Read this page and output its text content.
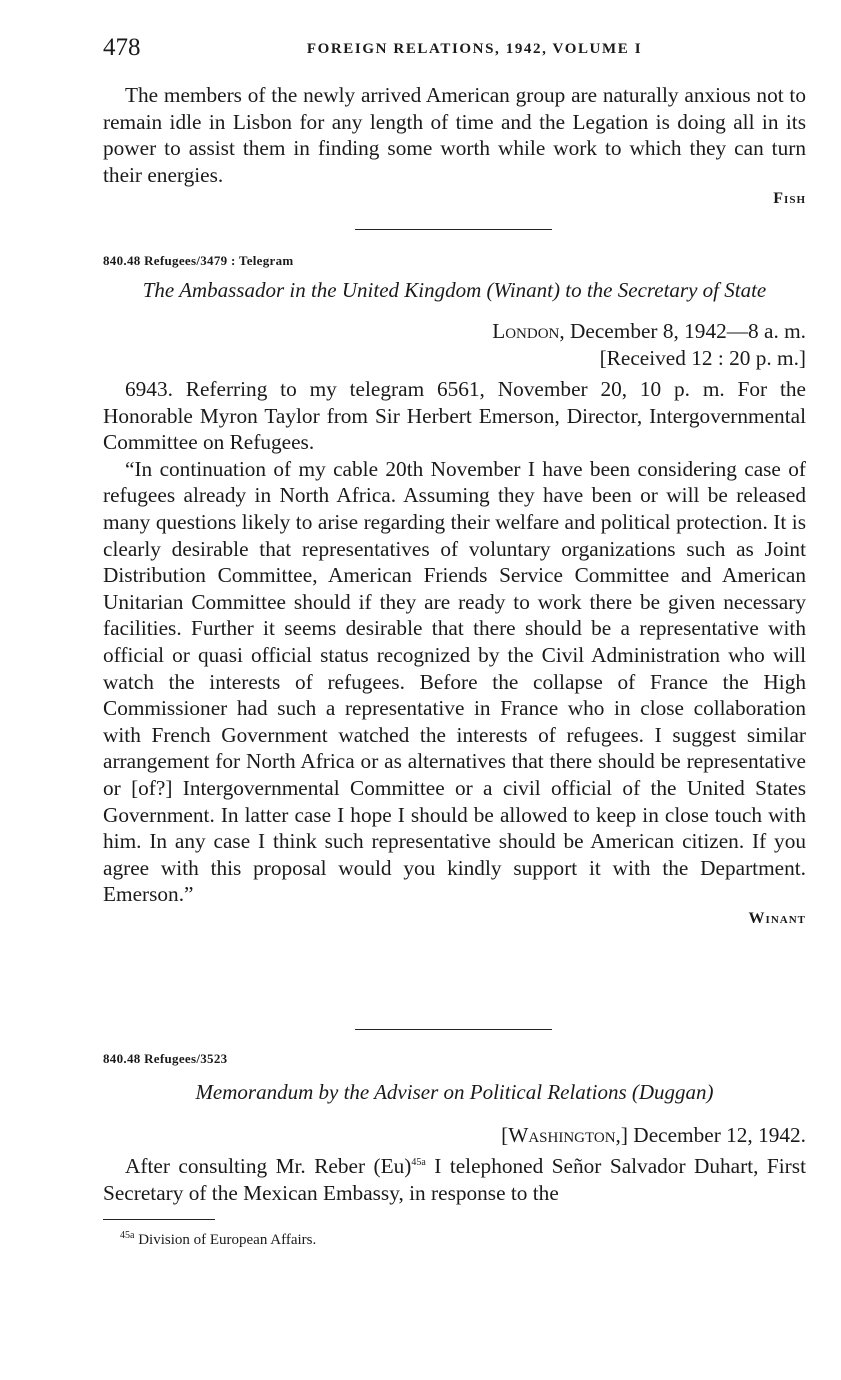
478	FOREIGN RELATIONS, 1942, VOLUME I

The members of the newly arrived American group are naturally anxious not to remain idle in Lisbon for any length of time and the Legation is doing all in its power to assist them in finding some worth while work to which they can turn their energies.

Fish
840.48 Refugees/3479 : Telegram
The Ambassador in the United Kingdom (Winant) to the Secretary of State
London, December 8, 1942—8 a. m.
[Received 12 : 20 p. m.]

6943. Referring to my telegram 6561, November 20, 10 p. m. For the Honorable Myron Taylor from Sir Herbert Emerson, Director, Intergovernmental Committee on Refugees.

“In continuation of my cable 20th November I have been considering case of refugees already in North Africa. Assuming they have been or will be released many questions likely to arise regarding their welfare and political protection. It is clearly desirable that representatives of voluntary organizations such as Joint Distribution Committee, American Friends Service Committee and American Unitarian Committee should if they are ready to work there be given necessary facilities. Further it seems desirable that there should be a representative with official or quasi official status recognized by the Civil Administration who will watch the interests of refugees. Before the collapse of France the High Commissioner had such a representative in France who in close collaboration with French Government watched the interests of refugees. I suggest similar arrangement for North Africa or as alternatives that there should be representative or [of?] Intergovernmental Committee or a civil official of the United States Government. In latter case I hope I should be allowed to keep in close touch with him. In any case I think such representative should be American citizen. If you agree with this proposal would you kindly support it with the Department. Emerson.”

Winant
840.48 Refugees/3523
Memorandum by the Adviser on Political Relations (Duggan)
[Washington,] December 12, 1942.

After consulting Mr. Reber $(Eu)^{45a}$ I telephoned Señor Salvador Duhart, First Secretary of the Mexican Embassy, in response to the

$^{45a}$ Division of European Affairs.
